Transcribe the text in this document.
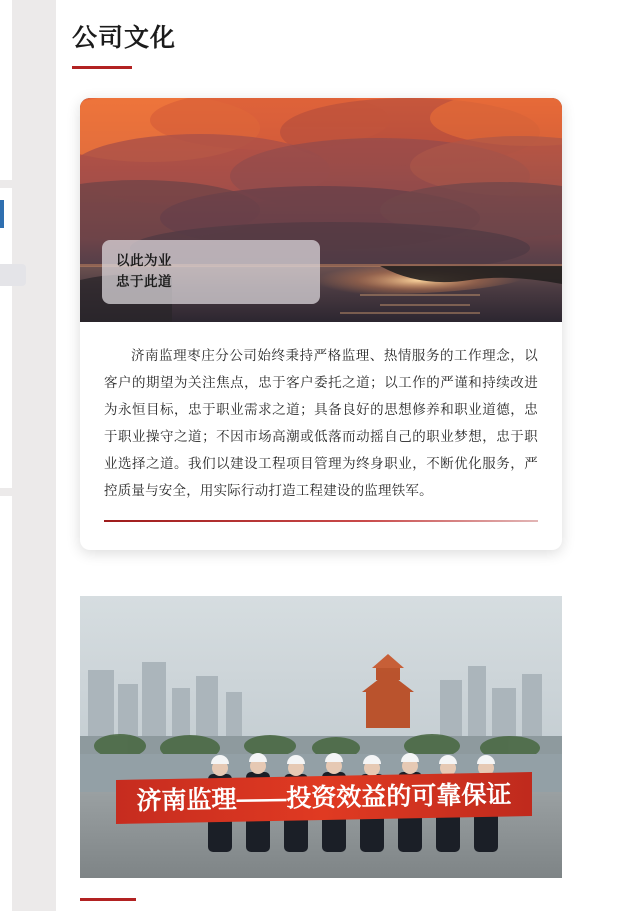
公司文化
以此为业
忠于此道

济南监理枣庄分公司始终秉持严格监理、热情服务的工作理念，以客户的期望为关注焦点，忠于客户委托之道；以工作的严谨和持续改进为永恒目标，忠于职业需求之道；具备良好的思想修养和职业道德，忠于职业操守之道；不因市场高潮或低落而动摇自己的职业梦想，忠于职业选择之道。我们以建设工程项目管理为终身职业，不断优化服务，严控质量与安全，用实际行动打造工程建设的监理铁军。

济南监理——投资效益的可靠保证
